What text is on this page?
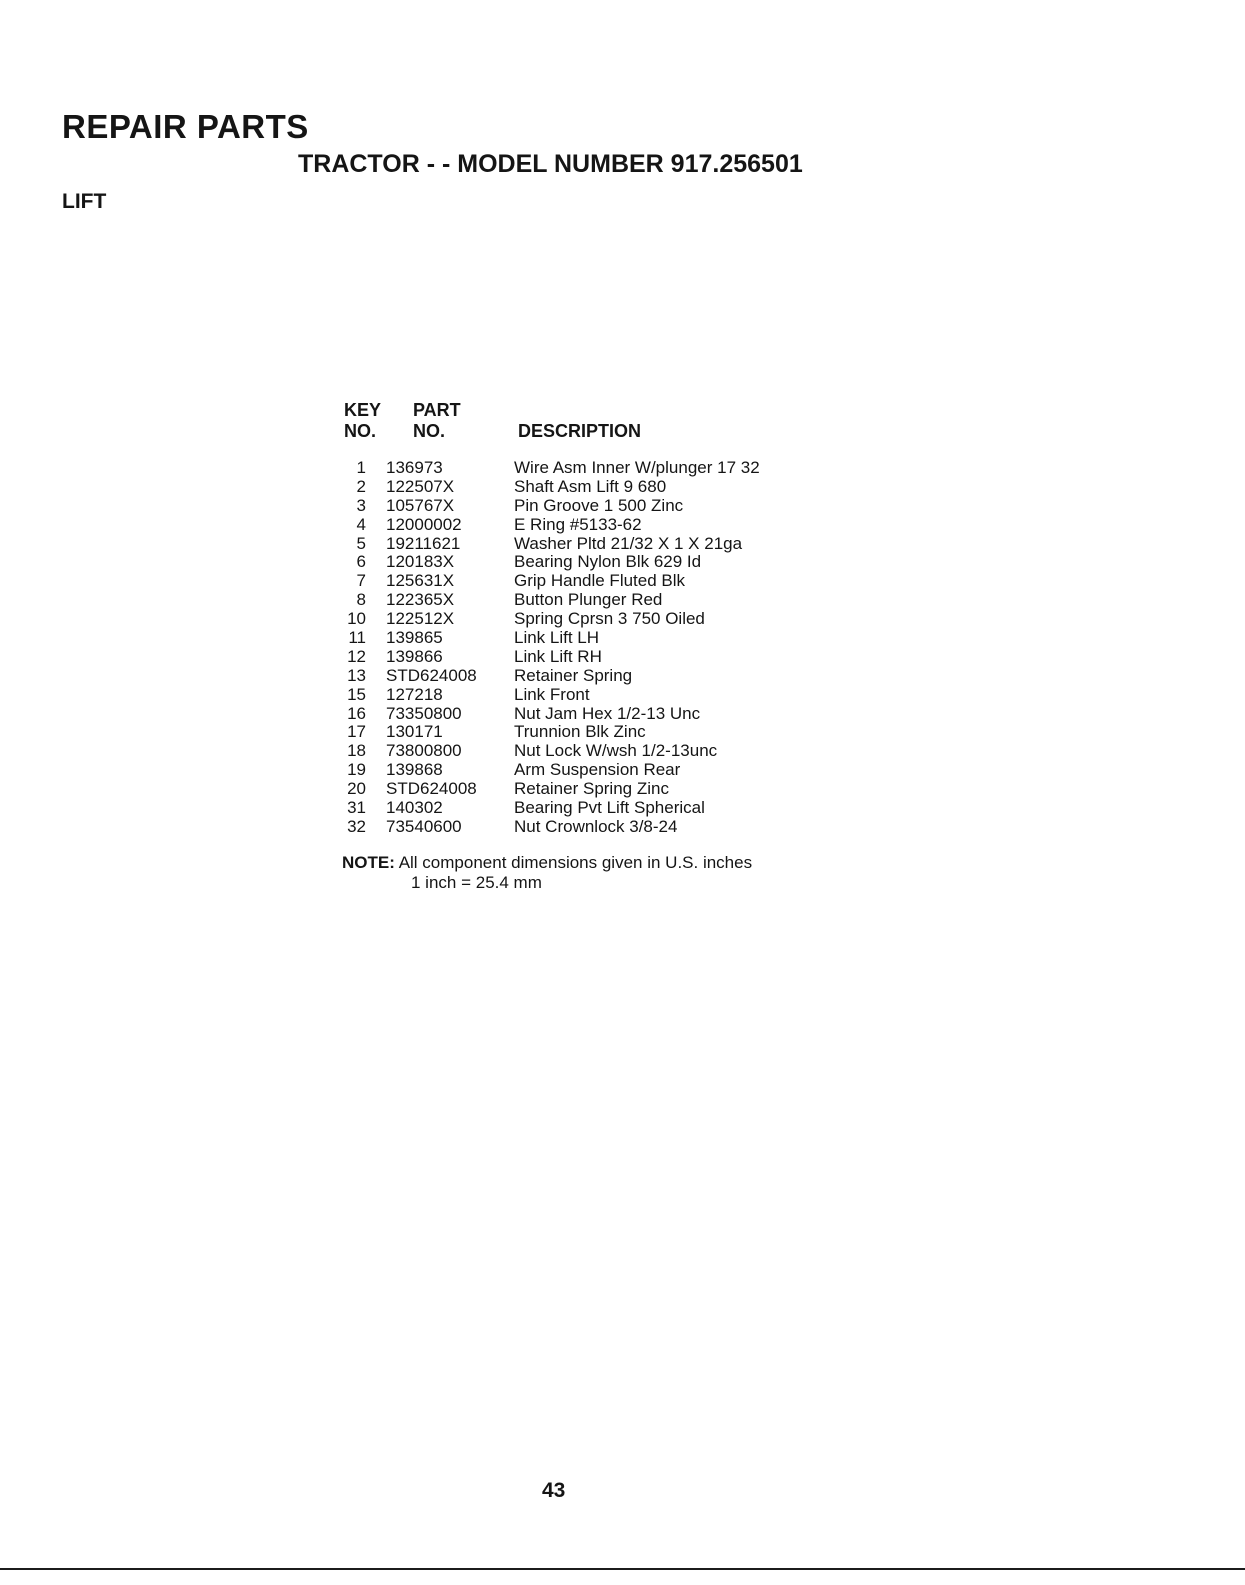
REPAIR PARTS
TRACTOR - - MODEL NUMBER 917.256501
LIFT
KEY
NO.
PART
NO.	DESCRIPTION
1 136973	Wire Asm Inner W/plunger 17 32
2 122507X	Shaft Asm Lift 9 680
3 105767X	Pin Groove 1 500 Zinc
4 12000002	E Ring #5133-62
5 19211621	Washer Pltd 21/32 X 1 X 21ga
6 120183X	Bearing Nylon Blk 629 Id
7 125631X	Grip Handle Fluted Blk
8 122365X	Button Plunger Red
10 122512X	Spring Cprsn 3 750 Oiled
11 139865	Link Lift LH
12 139866	Link Lift RH
13 STD624008 Retainer Spring
15 127218	Link Front
16 73350800	Nut Jam Hex 1/2-13 Unc
17 130171	Trunnion Blk Zinc
18 73800800	Nut Lock W/wsh 1/2-13unc
19 139868	Arm Suspension Rear
20 STD624008 Retainer Spring Zinc
31 140302	Bearing Pvt Lift Spherical
32 73540600	Nut Crownlock 3/8-24
NOTE: All component dimensions given in U.S. inches
1 inch = 25.4 mm
43
